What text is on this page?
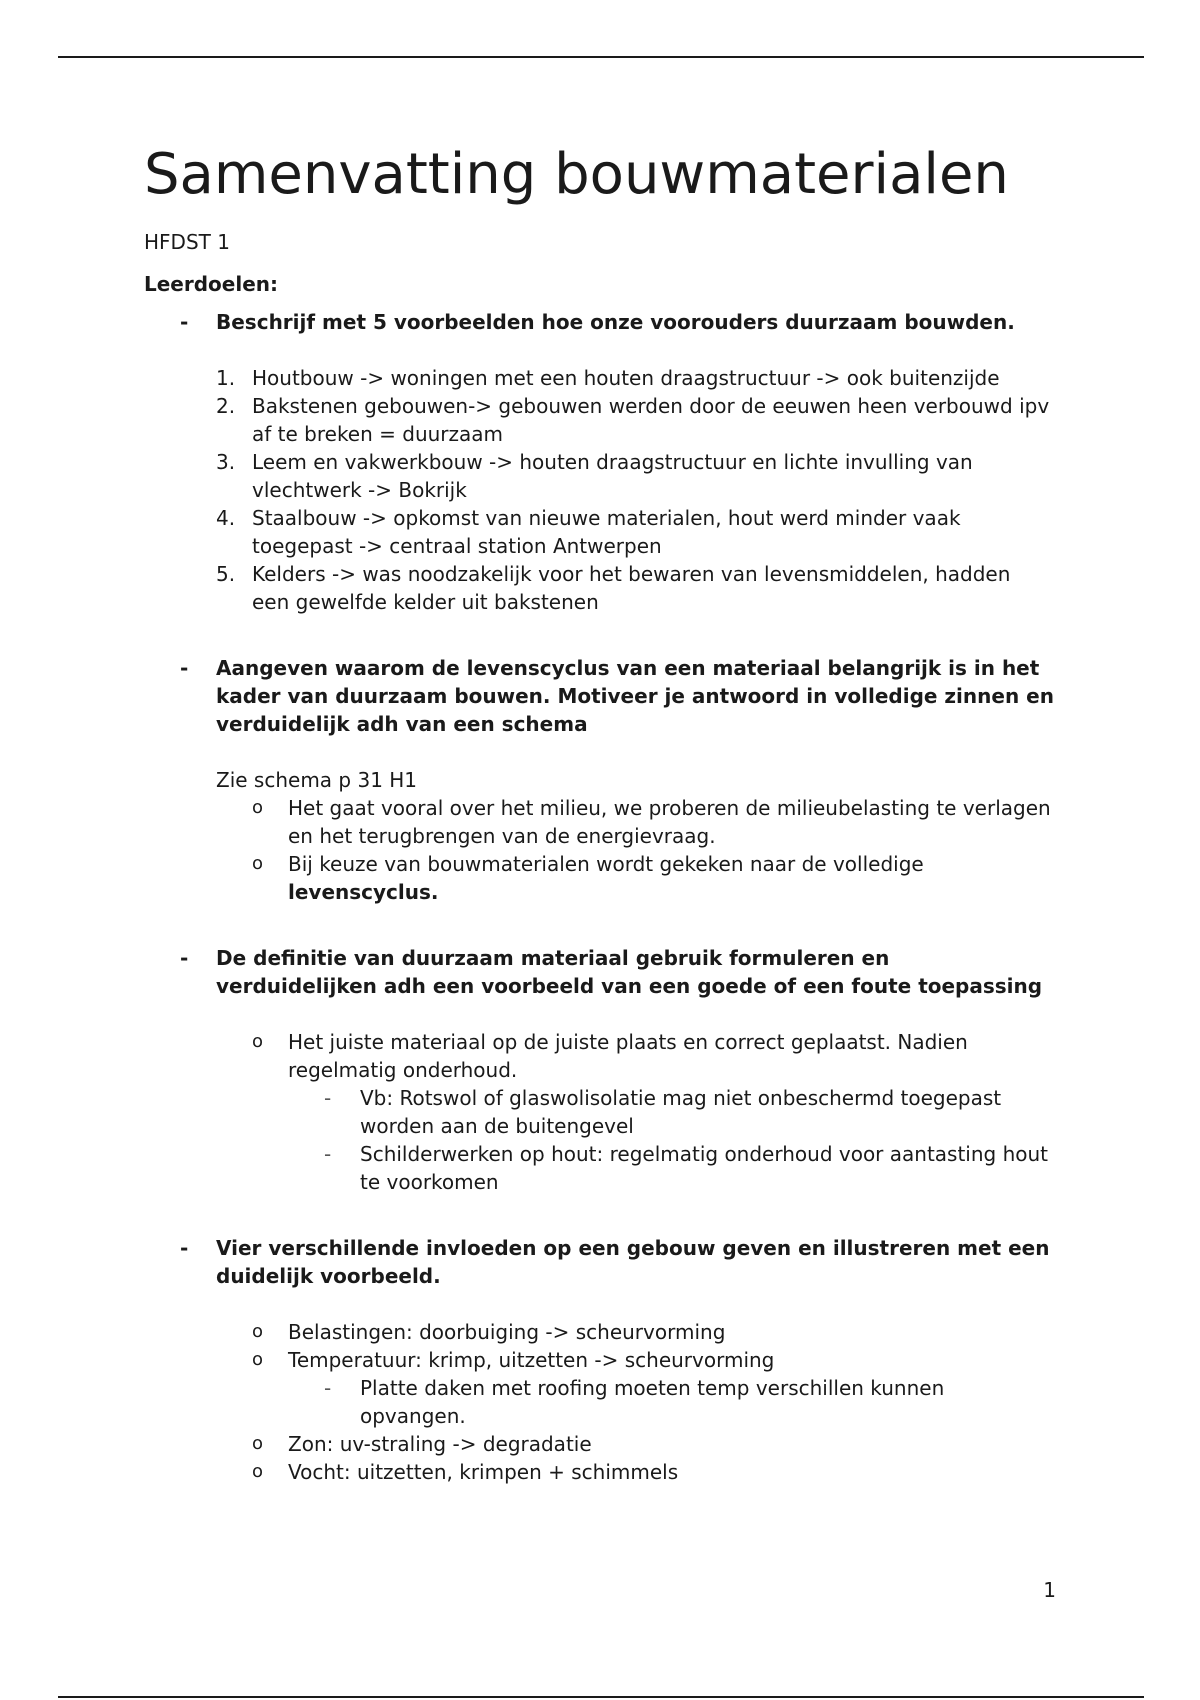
Samenvatting bouwmaterialen
HFDST 1
Leerdoelen:
- Beschrijf met 5 voorbeelden hoe onze voorouders duurzaam bouwden.
1. Houtbouw -> woningen met een houten draagstructuur -> ook buitenzijde
2. Bakstenen gebouwen-> gebouwen werden door de eeuwen heen verbouwd ipv af te breken = duurzaam
3. Leem en vakwerkbouw -> houten draagstructuur en lichte invulling van vlechtwerk -> Bokrijk
4. Staalbouw -> opkomst van nieuwe materialen, hout werd minder vaak toegepast -> centraal station Antwerpen
5. Kelders -> was noodzakelijk voor het bewaren van levensmiddelen, hadden een gewelfde kelder uit bakstenen
- Aangeven waarom de levenscyclus van een materiaal belangrijk is in het kader van duurzaam bouwen. Motiveer je antwoord in volledige zinnen en verduidelijk adh van een schema
Zie schema p 31 H1
o Het gaat vooral over het milieu, we proberen de milieubelasting te verlagen en het terugbrengen van de energievraag.
o Bij keuze van bouwmaterialen wordt gekeken naar de volledige levenscyclus.
- De definitie van duurzaam materiaal gebruik formuleren en verduidelijken adh een voorbeeld van een goede of een foute toepassing
o Het juiste materiaal op de juiste plaats en correct geplaatst. Nadien regelmatig onderhoud.
- Vb: Rotswol of glaswolisolatie mag niet onbeschermd toegepast worden aan de buitengevel
- Schilderwerken op hout: regelmatig onderhoud voor aantasting hout te voorkomen
- Vier verschillende invloeden op een gebouw geven en illustreren met een duidelijk voorbeeld.
o Belastingen: doorbuiging -> scheurvorming
o Temperatuur: krimp, uitzetten -> scheurvorming
- Platte daken met roofing moeten temp verschillen kunnen opvangen.
o Zon: uv-straling -> degradatie
o Vocht: uitzetten, krimpen + schimmels
1
